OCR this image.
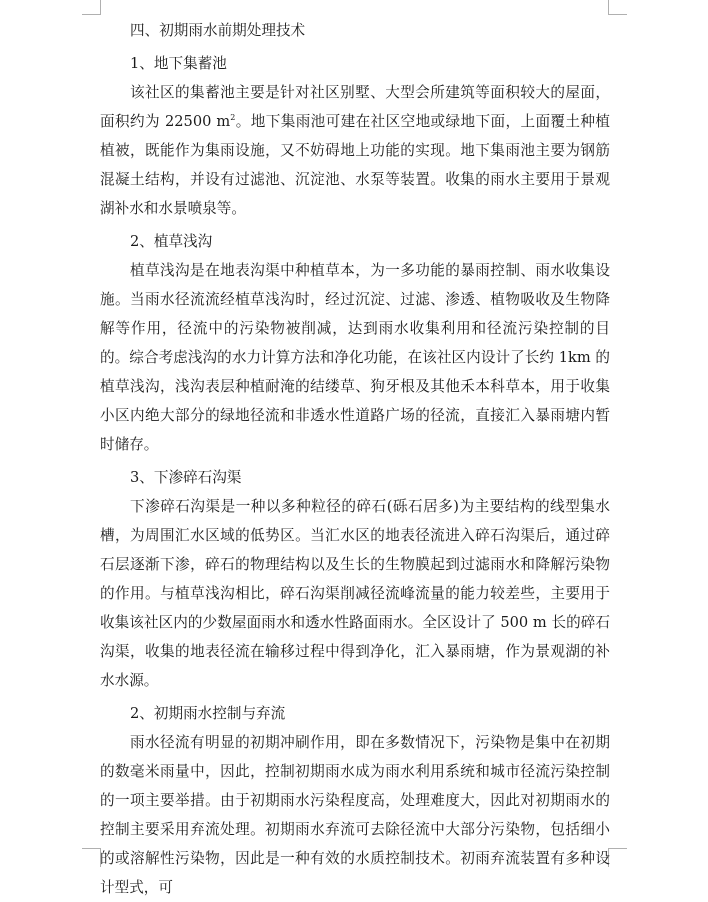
四、初期雨水前期处理技术

1、地下集蓄池

该社区的集蓄池主要是针对社区别墅、大型会所建筑等面积较大的屋面，面积约为 22500 $m^2$。地下集雨池可建在社区空地或绿地下面，上面覆土种植植被，既能作为集雨设施，又不妨碍地上功能的实现。地下集雨池主要为钢筋混凝土结构，并设有过滤池、沉淀池、水泵等装置。收集的雨水主要用于景观湖补水和水景喷泉等。

2、植草浅沟

植草浅沟是在地表沟渠中种植草本，为一多功能的暴雨控制、雨水收集设施。当雨水径流流经植草浅沟时，经过沉淀、过滤、渗透、植物吸收及生物降解等作用，径流中的污染物被削减，达到雨水收集利用和径流污染控制的目的。综合考虑浅沟的水力计算方法和净化功能，在该社区内设计了长约 1km 的植草浅沟，浅沟表层种植耐淹的结缕草、狗牙根及其他禾本科草本，用于收集小区内绝大部分的绿地径流和非透水性道路广场的径流，直接汇入暴雨塘内暂时储存。

3、下渗碎石沟渠

下渗碎石沟渠是一种以多种粒径的碎石(砾石居多)为主要结构的线型集水槽，为周围汇水区域的低势区。当汇水区的地表径流进入碎石沟渠后，通过碎石层逐渐下渗，碎石的物理结构以及生长的生物膜起到过滤雨水和降解污染物的作用。与植草浅沟相比，碎石沟渠削减径流峰流量的能力较差些，主要用于收集该社区内的少数屋面雨水和透水性路面雨水。全区设计了 500 m 长的碎石沟渠，收集的地表径流在输移过程中得到净化，汇入暴雨塘，作为景观湖的补水水源。

2、初期雨水控制与弃流

雨水径流有明显的初期冲刷作用，即在多数情况下，污染物是集中在初期的数毫米雨量中，因此，控制初期雨水成为雨水利用系统和城市径流污染控制的一项主要举措。由于初期雨水污染程度高，处理难度大，因此对初期雨水的控制主要采用弃流处理。初期雨水弃流可去除径流中大部分污染物，包括细小的或溶解性污染物，因此是一种有效的水质控制技术。初雨弃流装置有多种设计型式，可
